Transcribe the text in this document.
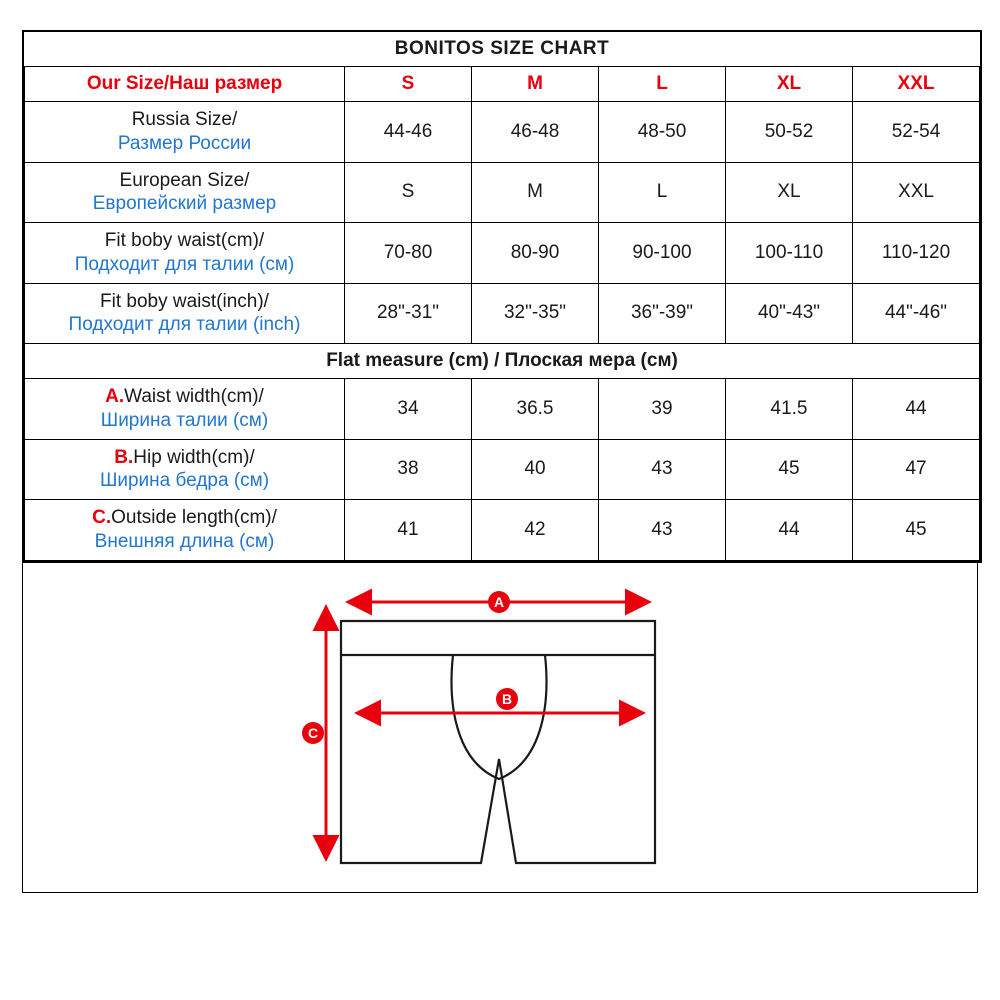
BONITOS SIZE CHART					
Our Size/Наш размер	S	M	L	XL	XXL

Russia Size/
Размер России	44-46	46-48	48-50	50-52	52-54

European Size/
Европейский размер	S	M	L	XL	XXL

Fit boby waist(cm)/
Подходит для талии (см)	70-80	80-90	90-100	100-110	110-120

Fit boby waist(inch)/
Подходит для талии (inch)	28"-31"	32"-35"	36"-39"	40"-43"	44"-46"
Flat measure (cm) / Плоская мера (см)					

A.Waist width(cm)/
Ширина талии (см)	34	36.5	39	41.5	44

B.Hip width(cm)/
Ширина бедра (см)	38	40	43	45	47

C.Outside length(cm)/
Внешняя длина (см)	41	42	43	44	45
A
B
C
